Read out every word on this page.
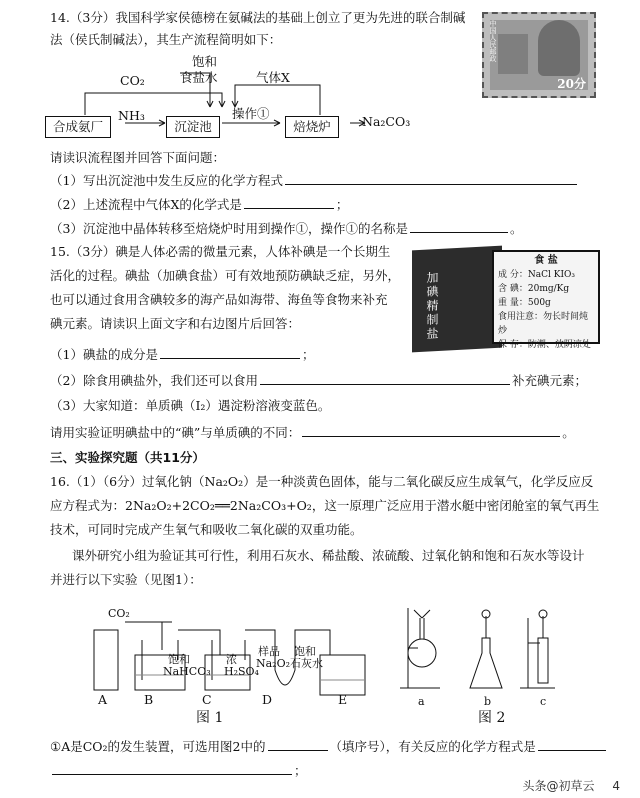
14.（3分）我国科学家侯德榜在氨碱法的基础上创立了更为先进的联合制碱
法（侯氏制碱法），其生产流程简明如下：	中国人民邮政
20分
CO₂
饱和
食盐水	气体X
合成氨厂
NH₃
沉淀池
操作①
焙烧炉	Na₂CO₃
请读识流程图并回答下面问题：
（1）写出沉淀池中发生反应的化学方程式
（2）上述流程中气体X的化学式是	；
（3）沉淀池中晶体转移至焙烧炉时用到操作①，操作①的名称是	。
15.（3分）碘是人体必需的微量元素，人体补碘是一个长期生
活化的过程。碘盐（加碘食盐）可有效地预防碘缺乏症，另外，
也可以通过食用含碘较多的海产品如海带、海鱼等食物来补充
碘元素。请读识上面文字和右边图片后回答：	加碘精制盐
食 盐
成 分：NaCl KIO₃
含 碘：20mg/Kg
重 量：500g
食用注意：勿长时间炖炒
保 存：防潮、放阴凉处
（1）碘盐的成分是	；
（2）除食用碘盐外，我们还可以食用	补充碘元素；
（3）大家知道：单质碘（I₂）遇淀粉溶液变蓝色。
请用实验证明碘盐中的“碘”与单质碘的不同：	。
三、实验探究题（共11分）
16.（1）（6分）过氧化钠（Na₂O₂）是一种淡黄色固体，能与二氧化碳反应生成氧气，化学反应反
应方程式为：2Na₂O₂+2CO₂══2Na₂CO₃+O₂，这一原理广泛应用于潜水艇中密闭舱室的氧气再生
技术，可同时完成产生氧气和吸收二氧化碳的双重功能。
课外研究小组为验证其可行性，利用石灰水、稀盐酸、浓硫酸、过氧化钠和饱和石灰水等设计
并进行以下实验（见图1）：
CO₂
饱和
NaHCO₃
浓
H₂SO₄
样品
Na₂O₂
饱和
石灰水
A	B	C	D	E
图 1
a	b	c
图 2
①A是CO₂的发生装置，可选用图2中的	（填序号），有关反应的化学方程式是
；
头条@初草云 4
